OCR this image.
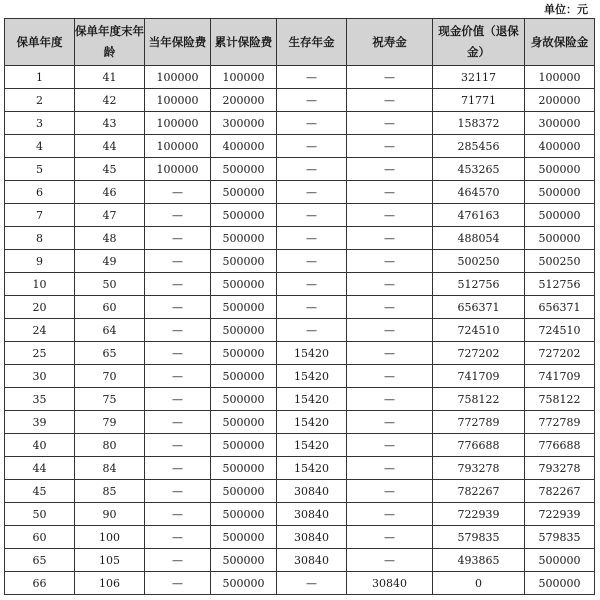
单位：元
保单年度	保单年度末年龄	当年保险费	累计保险费	生存年金	祝寿金	现金价值（退保金）	身故保险金
1	41	100000	100000	—	—	32117	100000
2	42	100000	200000	—	—	71771	200000
3	43	100000	300000	—	—	158372	300000
4	44	100000	400000	—	—	285456	400000
5	45	100000	500000	—	—	453265	500000
6	46	—	500000	—	—	464570	500000
7	47	—	500000	—	—	476163	500000
8	48	—	500000	—	—	488054	500000
9	49	—	500000	—	—	500250	500250
10	50	—	500000	—	—	512756	512756
20	60	—	500000	—	—	656371	656371
24	64	—	500000	—	—	724510	724510
25	65	—	500000	15420	—	727202	727202
30	70	—	500000	15420	—	741709	741709
35	75	—	500000	15420	—	758122	758122
39	79	—	500000	15420	—	772789	772789
40	80	—	500000	15420	—	776688	776688
44	84	—	500000	15420	—	793278	793278
45	85	—	500000	30840	—	782267	782267
50	90	—	500000	30840	—	722939	722939
60	100	—	500000	30840	—	579835	579835
65	105	—	500000	30840	—	493865	500000
66	106	—	500000	—	30840	0	500000
